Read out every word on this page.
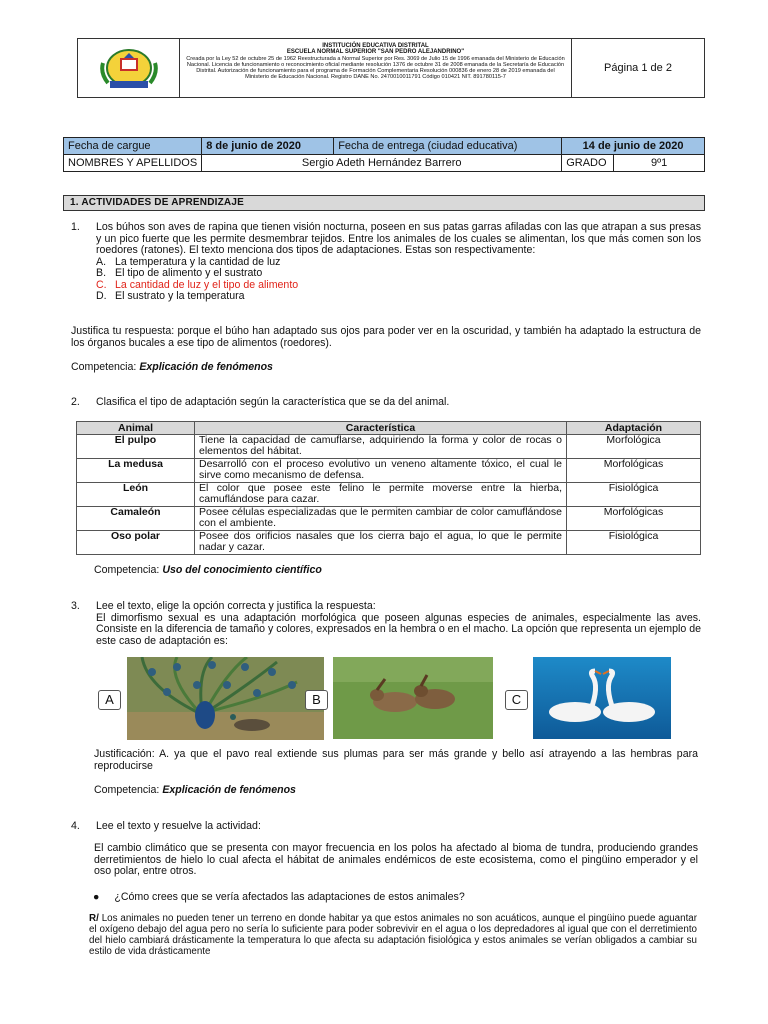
INSTITUCIÓN EDUCATIVA DISTRITAL
ESCUELA NORMAL SUPERIOR "SAN PEDRO ALEJANDRINO"
Creada por la Ley 52 de octubre 25 de 1962 Reestructurada a Normal Superior por Res. 3069 de Julio 15 de 1996 emanada del Ministerio de Educación Nacional. Licencia de funcionamiento o reconocimiento oficial mediante resolución 1376 de octubre 31 de 2008 emanada de la Secretaría de Educación Distrital. Autorización de funcionamiento para el programa de Formación Complementaria Resolución 000836 de enero 28 de 2019 emanada del Ministerio de Educación Nacional. Registro DANE No. 2470010011791 Código 010421 NIT. 891780115-7
Página 1 de 2
Fecha de cargue	8 de junio de 2020	Fecha de entrega (ciudad educativa)	14 de junio de 2020	
NOMBRES Y APELLIDOS	Sergio Adeth Hernández Barrero		GRADO	9º1
1. ACTIVIDADES DE APRENDIZAJE
1. Los búhos son aves de rapina que tienen visión nocturna, poseen en sus patas garras afiladas con las que atrapan a sus presas y un pico fuerte que les permite desmembrar tejidos. Entre los animales de los cuales se alimentan, los que más comen son los roedores (ratones). El texto menciona dos tipos de adaptaciones. Estas son respectivamente:
A. La temperatura y la cantidad de luz
B. El tipo de alimento y el sustrato
C. La cantidad de luz y el tipo de alimento
D. El sustrato y la temperatura
Justifica tu respuesta: porque el búho han adaptado sus ojos para poder ver en la oscuridad, y también ha adaptado la estructura de los órganos bucales a ese tipo de alimentos (roedores).
Competencia: Explicación de fenómenos
2. Clasifica el tipo de adaptación según la característica que se da del animal.
Animal	Característica	Adaptación
El pulpo	Tiene la capacidad de camuflarse, adquiriendo la forma y color de rocas o elementos del hábitat.	Morfológica
La medusa	Desarrolló con el proceso evolutivo un veneno altamente tóxico, el cual le sirve como mecanismo de defensa.	Morfológicas
León	El color que posee este felino le permite moverse entre la hierba, camuflándose para cazar.	Fisiológica
Camaleón	Posee células especializadas que le permiten cambiar de color camuflándose con el ambiente.	Morfológicas
Oso polar	Posee dos orificios nasales que los cierra bajo el agua, lo que le permite nadar y cazar.	Fisiológica
Competencia: Uso del conocimiento científico
3. Lee el texto, elige la opción correcta y justifica la respuesta:
El dimorfismo sexual es una adaptación morfológica que poseen algunas especies de animales, especialmente las aves. Consiste en la diferencia de tamaño y colores, expresados en la hembra o en el macho. La opción que representa un ejemplo de este caso de adaptación es:
A	B	C
Justificación: A. ya que el pavo real extiende sus plumas para ser más grande y bello así atrayendo a las hembras para reproducirse
Competencia: Explicación de fenómenos
4. Lee el texto y resuelve la actividad:
El cambio climático que se presenta con mayor frecuencia en los polos ha afectado al bioma de tundra, produciendo grandes derretimientos de hielo lo cual afecta el hábitat de animales endémicos de este ecosistema, como el pingüino emperador y el oso polar, entre otros.
● ¿Cómo crees que se vería afectados las adaptaciones de estos animales?
R/ Los animales no pueden tener un terreno en donde habitar ya que estos animales no son acuáticos, aunque el pingüino puede aguantar el oxígeno debajo del agua pero no sería lo suficiente para poder sobrevivir en el agua o los depredadores al igual que con el derretimiento del hielo cambiará drásticamente la temperatura lo que afecta su adaptación fisiológica y estos animales se verían obligados a cambiar su estilo de vida drásticamente
